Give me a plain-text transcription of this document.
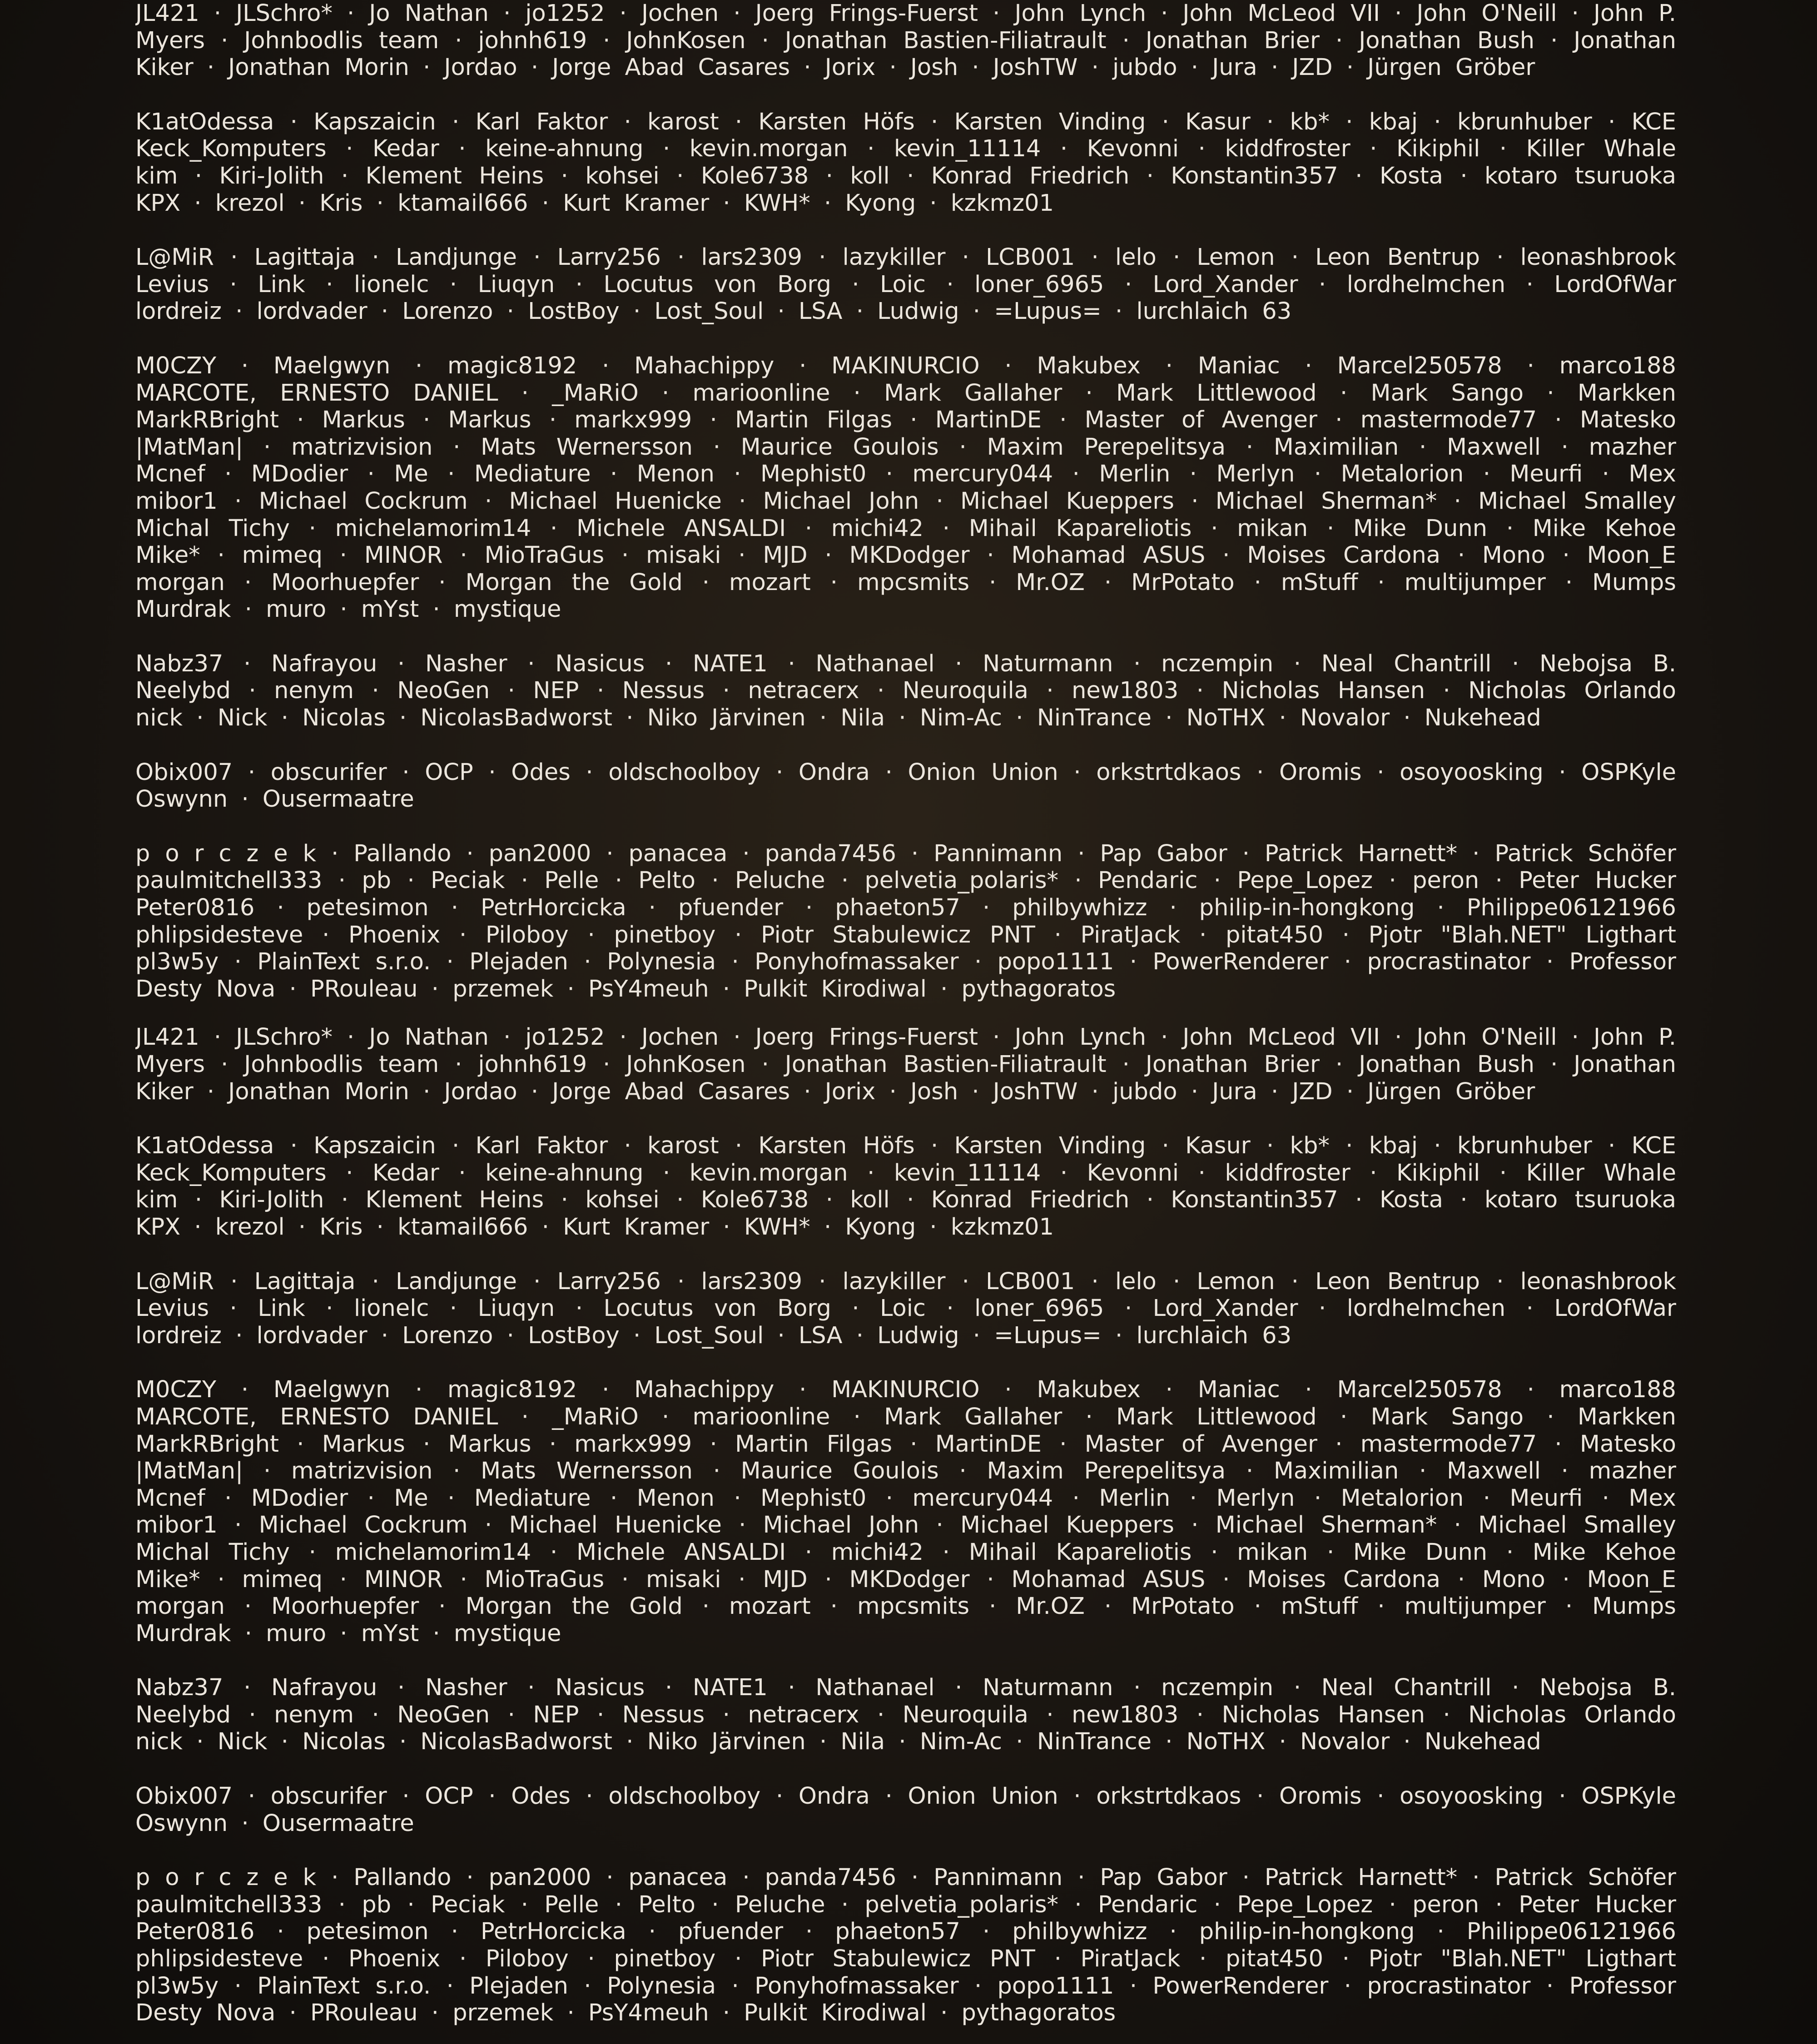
JL421 · JLSchro* · Jo Nathan · jo1252 · Jochen · Joerg Frings-Fuerst · John Lynch · John McLeod VII · John O'Neill · John P.
Myers · Johnbodlis team · johnh619 · JohnKosen · Jonathan Bastien-Filiatrault · Jonathan Brier · Jonathan Bush · Jonathan
Kiker · Jonathan Morin · Jordao · Jorge Abad Casares · Jorix · Josh · JoshTW · jubdo · Jura · JZD · Jürgen Gröber
K1atOdessa · Kapszaicin · Karl Faktor · karost · Karsten Höfs · Karsten Vinding · Kasur · kb* · kbaj · kbrunhuber · KCE
Keck_Komputers · Kedar · keine-ahnung · kevin.morgan · kevin_11114 · Kevonni · kiddfroster · Kikiphil · Killer Whale
kim · Kiri-Jolith · Klement Heins · kohsei · Kole6738 · koll · Konrad Friedrich · Konstantin357 · Kosta · kotaro tsuruoka
KPX · krezol · Kris · ktamail666 · Kurt Kramer · KWH* · Kyong · kzkmz01
L@MiR · Lagittaja · Landjunge · Larry256 · lars2309 · lazykiller · LCB001 · lelo · Lemon · Leon Bentrup · leonashbrook
Levius · Link · lionelc · Liuqyn · Locutus von Borg · Loic · loner_6965 · Lord_Xander · lordhelmchen · LordOfWar
lordreiz · lordvader · Lorenzo · LostBoy · Lost_Soul · LSA · Ludwig · =Lupus= · lurchlaich 63
M0CZY · Maelgwyn · magic8192 · Mahachippy · MAKINURCIO · Makubex · Maniac · Marcel250578 · marco188
MARCOTE, ERNESTO DANIEL · _MaRiO · marioonline · Mark Gallaher · Mark Littlewood · Mark Sango · Markken
MarkRBright · Markus · Markus · markx999 · Martin Filgas · MartinDE · Master of Avenger · mastermode77 · Matesko
|MatMan| · matrizvision · Mats Wernersson · Maurice Goulois · Maxim Perepelitsya · Maximilian · Maxwell · mazher
Mcnef · MDodier · Me · Mediature · Menon · Mephist0 · mercury044 · Merlin · Merlyn · Metalorion · Meurfi · Mex
mibor1 · Michael Cockrum · Michael Huenicke · Michael John · Michael Kueppers · Michael Sherman* · Michael Smalley
Michal Tichy · michelamorim14 · Michele ANSALDI · michi42 · Mihail Kapareliotis · mikan · Mike Dunn · Mike Kehoe
Mike* · mimeq · MINOR · MioTraGus · misaki · MJD · MKDodger · Mohamad ASUS · Moises Cardona · Mono · Moon_E
morgan · Moorhuepfer · Morgan the Gold · mozart · mpcsmits · Mr.OZ · MrPotato · mStuff · multijumper · Mumps
Murdrak · muro · mYst · mystique
Nabz37 · Nafrayou · Nasher · Nasicus · NATE1 · Nathanael · Naturmann · nczempin · Neal Chantrill · Nebojsa B.
Neelybd · nenym · NeoGen · NEP · Nessus · netracerx · Neuroquila · new1803 · Nicholas Hansen · Nicholas Orlando
nick · Nick · Nicolas · NicolasBadworst · Niko Järvinen · Nila · Nim-Ac · NinTrance · NoTHX · Novalor · Nukehead
Obix007 · obscurifer · OCP · Odes · oldschoolboy · Ondra · Onion Union · orkstrtdkaos · Oromis · osoyoosking · OSPKyle
Oswynn · Ousermaatre
p o r c z e k · Pallando · pan2000 · panacea · panda7456 · Pannimann · Pap Gabor · Patrick Harnett* · Patrick Schöfer
paulmitchell333 · pb · Peciak · Pelle · Pelto · Peluche · pelvetia_polaris* · Pendaric · Pepe_Lopez · peron · Peter Hucker
Peter0816 · petesimon · PetrHorcicka · pfuender · phaeton57 · philbywhizz · philip-in-hongkong · Philippe06121966
phlipsidesteve · Phoenix · Piloboy · pinetboy · Piotr Stabulewicz PNT · PiratJack · pitat450 · Pjotr "Blah.NET" Ligthart
pl3w5y · PlainText s.r.o. · Plejaden · Polynesia · Ponyhofmassaker · popo1111 · PowerRenderer · procrastinator · Professor
Desty Nova · PRouleau · przemek · PsY4meuh · Pulkit Kirodiwal · pythagoratos
JL421 · JLSchro* · Jo Nathan · jo1252 · Jochen · Joerg Frings-Fuerst · John Lynch · John McLeod VII · John O'Neill · John P.
Myers · Johnbodlis team · johnh619 · JohnKosen · Jonathan Bastien-Filiatrault · Jonathan Brier · Jonathan Bush · Jonathan
Kiker · Jonathan Morin · Jordao · Jorge Abad Casares · Jorix · Josh · JoshTW · jubdo · Jura · JZD · Jürgen Gröber
K1atOdessa · Kapszaicin · Karl Faktor · karost · Karsten Höfs · Karsten Vinding · Kasur · kb* · kbaj · kbrunhuber · KCE
Keck_Komputers · Kedar · keine-ahnung · kevin.morgan · kevin_11114 · Kevonni · kiddfroster · Kikiphil · Killer Whale
kim · Kiri-Jolith · Klement Heins · kohsei · Kole6738 · koll · Konrad Friedrich · Konstantin357 · Kosta · kotaro tsuruoka
KPX · krezol · Kris · ktamail666 · Kurt Kramer · KWH* · Kyong · kzkmz01
L@MiR · Lagittaja · Landjunge · Larry256 · lars2309 · lazykiller · LCB001 · lelo · Lemon · Leon Bentrup · leonashbrook
Levius · Link · lionelc · Liuqyn · Locutus von Borg · Loic · loner_6965 · Lord_Xander · lordhelmchen · LordOfWar
lordreiz · lordvader · Lorenzo · LostBoy · Lost_Soul · LSA · Ludwig · =Lupus= · lurchlaich 63
M0CZY · Maelgwyn · magic8192 · Mahachippy · MAKINURCIO · Makubex · Maniac · Marcel250578 · marco188
MARCOTE, ERNESTO DANIEL · _MaRiO · marioonline · Mark Gallaher · Mark Littlewood · Mark Sango · Markken
MarkRBright · Markus · Markus · markx999 · Martin Filgas · MartinDE · Master of Avenger · mastermode77 · Matesko
|MatMan| · matrizvision · Mats Wernersson · Maurice Goulois · Maxim Perepelitsya · Maximilian · Maxwell · mazher
Mcnef · MDodier · Me · Mediature · Menon · Mephist0 · mercury044 · Merlin · Merlyn · Metalorion · Meurfi · Mex
mibor1 · Michael Cockrum · Michael Huenicke · Michael John · Michael Kueppers · Michael Sherman* · Michael Smalley
Michal Tichy · michelamorim14 · Michele ANSALDI · michi42 · Mihail Kapareliotis · mikan · Mike Dunn · Mike Kehoe
Mike* · mimeq · MINOR · MioTraGus · misaki · MJD · MKDodger · Mohamad ASUS · Moises Cardona · Mono · Moon_E
morgan · Moorhuepfer · Morgan the Gold · mozart · mpcsmits · Mr.OZ · MrPotato · mStuff · multijumper · Mumps
Murdrak · muro · mYst · mystique
Nabz37 · Nafrayou · Nasher · Nasicus · NATE1 · Nathanael · Naturmann · nczempin · Neal Chantrill · Nebojsa B.
Neelybd · nenym · NeoGen · NEP · Nessus · netracerx · Neuroquila · new1803 · Nicholas Hansen · Nicholas Orlando
nick · Nick · Nicolas · NicolasBadworst · Niko Järvinen · Nila · Nim-Ac · NinTrance · NoTHX · Novalor · Nukehead
Obix007 · obscurifer · OCP · Odes · oldschoolboy · Ondra · Onion Union · orkstrtdkaos · Oromis · osoyoosking · OSPKyle
Oswynn · Ousermaatre
p o r c z e k · Pallando · pan2000 · panacea · panda7456 · Pannimann · Pap Gabor · Patrick Harnett* · Patrick Schöfer
paulmitchell333 · pb · Peciak · Pelle · Pelto · Peluche · pelvetia_polaris* · Pendaric · Pepe_Lopez · peron · Peter Hucker
Peter0816 · petesimon · PetrHorcicka · pfuender · phaeton57 · philbywhizz · philip-in-hongkong · Philippe06121966
phlipsidesteve · Phoenix · Piloboy · pinetboy · Piotr Stabulewicz PNT · PiratJack · pitat450 · Pjotr "Blah.NET" Ligthart
pl3w5y · PlainText s.r.o. · Plejaden · Polynesia · Ponyhofmassaker · popo1111 · PowerRenderer · procrastinator · Professor
Desty Nova · PRouleau · przemek · PsY4meuh · Pulkit Kirodiwal · pythagoratos
